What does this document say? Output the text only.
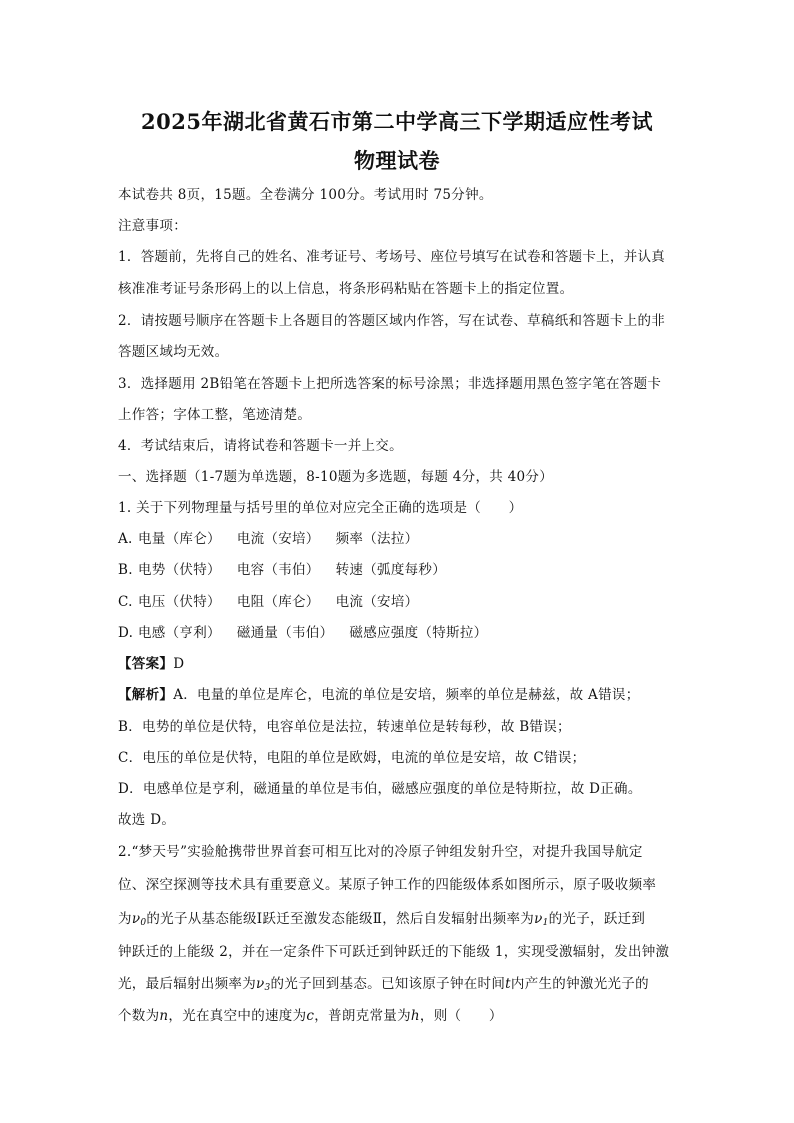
2025年湖北省黄石市第二中学高三下学期适应性考试
物理试卷
本试卷共 8页，15题。全卷满分 100分。考试用时 75分钟。
注意事项：
1．答题前，先将自己的姓名、准考证号、考场号、座位号填写在试卷和答题卡上，并认真
核准准考证号条形码上的以上信息，将条形码粘贴在答题卡上的指定位置。
2．请按题号顺序在答题卡上各题目的答题区域内作答，写在试卷、草稿纸和答题卡上的非
答题区域均无效。
3．选择题用 2B铅笔在答题卡上把所选答案的标号涂黑；非选择题用黑色签字笔在答题卡
上作答；字体工整，笔迹清楚。
4．考试结束后，请将试卷和答题卡一并上交。
一、选择题（1-7题为单选题，8-10题为多选题，每题 4分，共 40分）
1. 关于下列物理量与括号里的单位对应完全正确的选项是（　　）
A. 电量（库仑） 电流（安培） 频率（法拉）
B. 电势（伏特） 电容（韦伯） 转速（弧度每秒）
C. 电压（伏特） 电阻（库仑） 电流（安培）
D. 电感（亨利） 磁通量（韦伯） 磁感应强度（特斯拉）
【答案】D
【解析】A．电量的单位是库仑，电流的单位是安培，频率的单位是赫兹，故 A错误；
B．电势的单位是伏特，电容单位是法拉，转速单位是转每秒，故 B错误；
C．电压的单位是伏特，电阻的单位是欧姆，电流的单位是安培，故 C错误；
D．电感单位是亨利，磁通量的单位是韦伯，磁感应强度的单位是特斯拉，故 D正确。
故选 D。
2.“梦天号”实验舱携带世界首套可相互比对的冷原子钟组发射升空，对提升我国导航定
位、深空探测等技术具有重要意义。某原子钟工作的四能级体系如图所示，原子吸收频率
为$\nu_0$的光子从基态能级Ⅰ跃迁至激发态能级Ⅱ，然后自发辐射出频率为$\nu_1$的光子，跃迁到
钟跃迁的上能级 2，并在一定条件下可跃迁到钟跃迁的下能级 1，实现受激辐射，发出钟激
光，最后辐射出频率为$\nu_3$的光子回到基态。已知该原子钟在时间t内产生的钟激光光子的
个数为n，光在真空中的速度为c，普朗克常量为h，则（　　）
